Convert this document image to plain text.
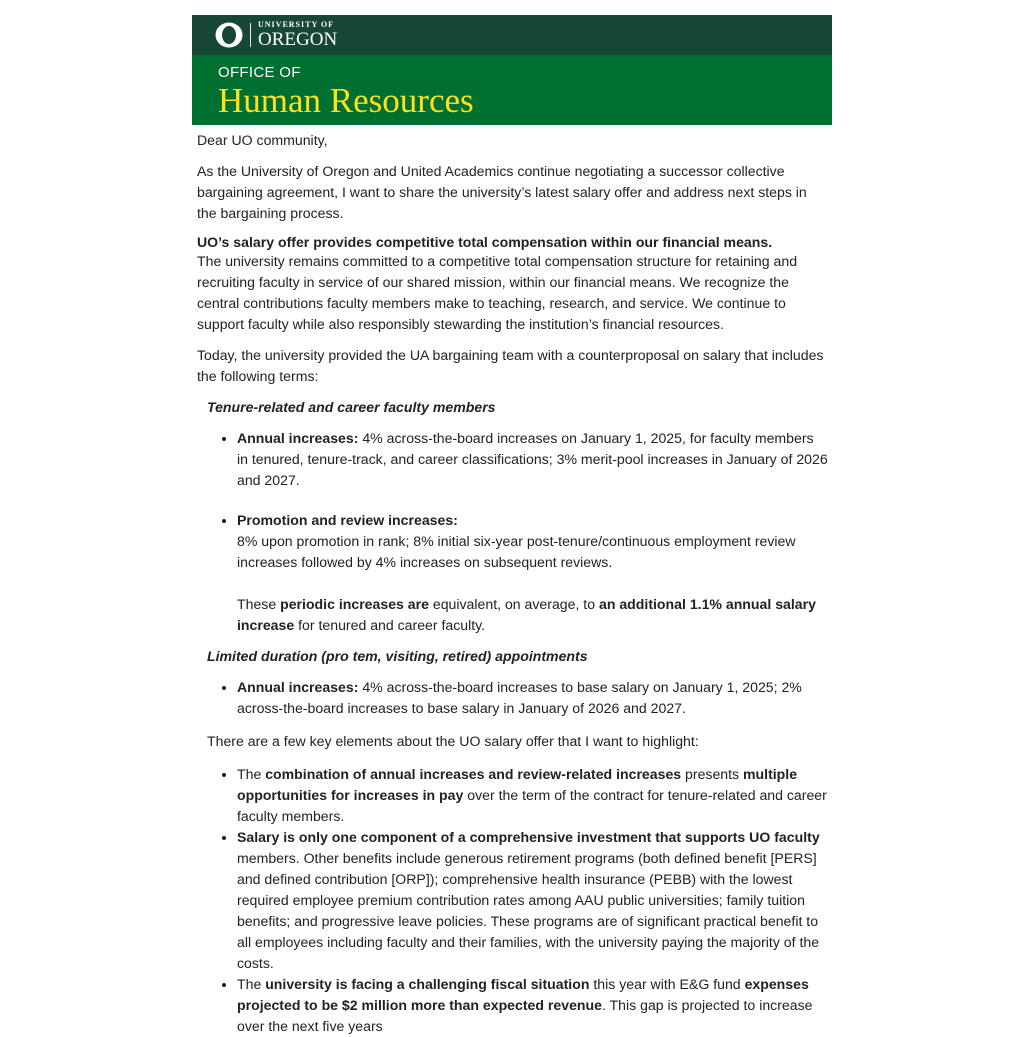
UNIVERSITY OF
OREGON
OFFICE OF
Human Resources

Dear UO community,

As the University of Oregon and United Academics continue negotiating a successor collective bargaining agreement, I want to share the university’s latest salary offer and address next steps in the bargaining process.

UO’s salary offer provides competitive total compensation within our financial means.

The university remains committed to a competitive total compensation structure for retaining and recruiting faculty in service of our shared mission, within our financial means. We recognize the central contributions faculty members make to teaching, research, and service. We continue to support faculty while also responsibly stewarding the institution’s financial resources.

Today, the university provided the UA bargaining team with a counterproposal on salary that includes the following terms:

Tenure-related and career faculty members

• Annual increases: 4% across-the-board increases on January 1, 2025, for faculty members in tenured, tenure-track, and career classifications; 3% merit-pool increases in January of 2026 and 2027.
• Promotion and review increases:
8% upon promotion in rank; 8% initial six-year post-tenure/continuous employment review increases followed by 4% increases on subsequent reviews.
These periodic increases are equivalent, on average, to an additional 1.1% annual salary increase for tenured and career faculty.

Limited duration (pro tem, visiting, retired) appointments

• Annual increases: 4% across-the-board increases to base salary on January 1, 2025; 2% across-the-board increases to base salary in January of 2026 and 2027.

There are a few key elements about the UO salary offer that I want to highlight:

• The combination of annual increases and review-related increases presents multiple opportunities for increases in pay over the term of the contract for tenure-related and career faculty members.
• Salary is only one component of a comprehensive investment that supports UO faculty members. Other benefits include generous retirement programs (both defined benefit [PERS] and defined contribution [ORP]); comprehensive health insurance (PEBB) with the lowest required employee premium contribution rates among AAU public universities; family tuition benefits; and progressive leave policies. These programs are of significant practical benefit to all employees including faculty and their families, with the university paying the majority of the costs.
• The university is facing a challenging fiscal situation this year with E&G fund expenses projected to be $2 million more than expected revenue. This gap is projected to increase over the next five years
